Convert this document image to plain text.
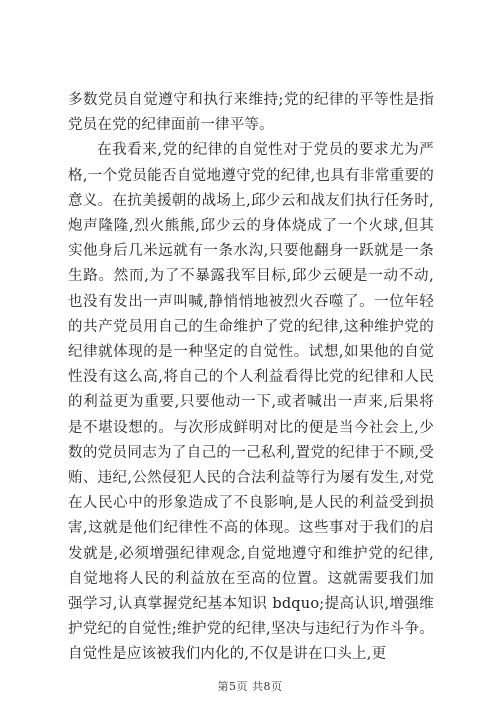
多数党员自觉遵守和执行来维持;党的纪律的平等性是指党员在党的纪律面前一律平等。

在我看来,党的纪律的自觉性对于党员的要求尤为严格,一个党员能否自觉地遵守党的纪律,也具有非常重要的意义。在抗美援朝的战场上,邱少云和战友们执行任务时,炮声隆隆,烈火熊熊,邱少云的身体烧成了一个火球,但其实他身后几米远就有一条水沟,只要他翻身一跃就是一条生路。然而,为了不暴露我军目标,邱少云硬是一动不动,也没有发出一声叫喊,静悄悄地被烈火吞噬了。一位年轻的共产党员用自己的生命维护了党的纪律,这种维护党的纪律就体现的是一种坚定的自觉性。试想,如果他的自觉性没有这么高,将自己的个人利益看得比党的纪律和人民的利益更为重要,只要他动一下,或者喊出一声来,后果将是不堪设想的。与次形成鲜明对比的便是当今社会上,少数的党员同志为了自己的一己私利,置党的纪律于不顾,受贿、违纪,公然侵犯人民的合法利益等行为屡有发生,对党在人民心中的形象造成了不良影响,是人民的利益受到损害,这就是他们纪律性不高的体现。这些事对于我们的启发就是,必须增强纪律观念,自觉地遵守和维护党的纪律,自觉地将人民的利益放在至高的位置。这就需要我们加强学习,认真掌握党纪基本知识 bdquo;提高认识,增强维护党纪的自觉性;维护党的纪律,坚决与违纪行为作斗争。自觉性是应该被我们内化的,不仅是讲在口头上,更

第5页 共8页
